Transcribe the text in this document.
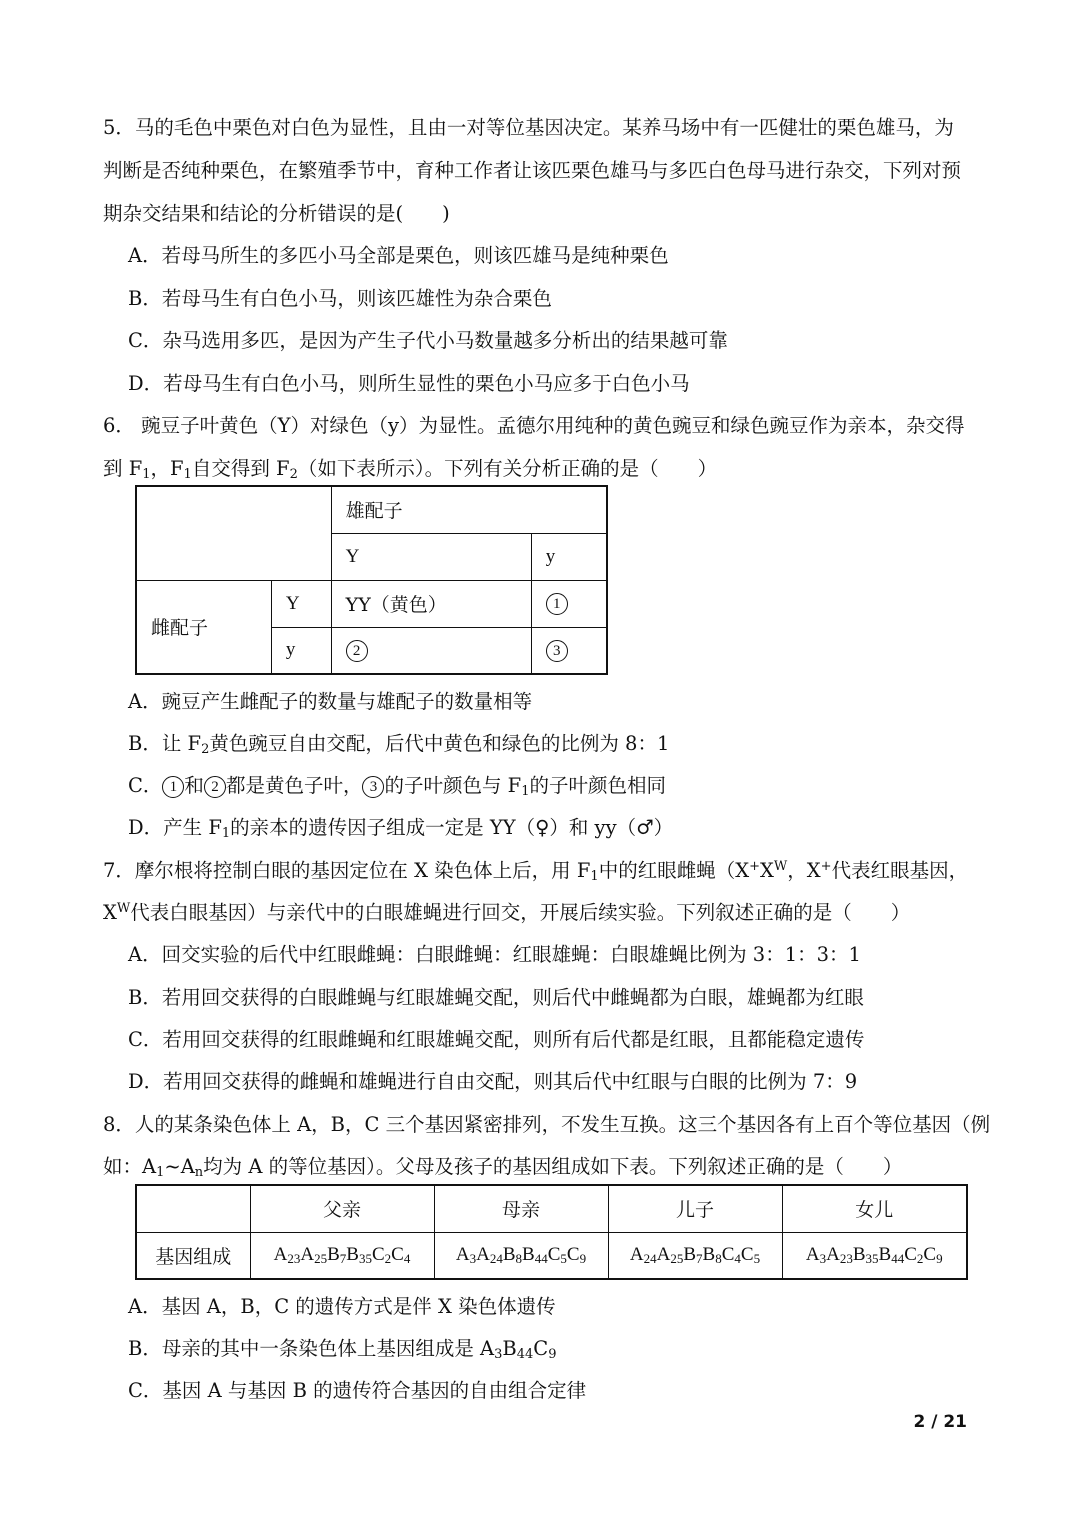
5．马的毛色中栗色对白色为显性，且由一对等位基因决定。某养马场中有一匹健壮的栗色雄马，为
判断是否纯种栗色，在繁殖季节中，育种工作者让该匹栗色雄马与多匹白色母马进行杂交，下列对预
期杂交结果和结论的分析错误的是(　　)
A．若母马所生的多匹小马全部是栗色，则该匹雄马是纯种栗色
B．若母马生有白色小马，则该匹雄性为杂合栗色
C．杂马选用多匹，是因为产生子代小马数量越多分析出的结果越可靠
D．若母马生有白色小马，则所生显性的栗色小马应多于白色小马
6． 豌豆子叶黄色（Y）对绿色（y）为显性。孟德尔用纯种的黄色豌豆和绿色豌豆作为亲本，杂交得
到 $F_1$，$F_1$自交得到 $F_2$（如下表所示）。下列有关分析正确的是（　　）
		雄配子	
		Y	y
雌配子	Y	YY（黄色）	1
	y	2	3
A．豌豆产生雌配子的数量与雄配子的数量相等
B．让 $F_2$黄色豌豆自由交配，后代中黄色和绿色的比例为 8：1
C． 1 和 2 都是黄色子叶， 3 的子叶颜色与 $F_1$的子叶颜色相同
D．产生 $F_1$的亲本的遗传因子组成一定是 YY（♀）和 yy（♂）
7．摩尔根将控制白眼的基因定位在 X 染色体上后，用 $F_1$中的红眼雌蝇（$X^+X^W$，X+代表红眼基因，
$X^W$代表白眼基因）与亲代中的白眼雄蝇进行回交，开展后续实验。下列叙述正确的是（　　）
A．回交实验的后代中红眼雌蝇：白眼雌蝇：红眼雄蝇：白眼雄蝇比例为 3：1：3：1
B．若用回交获得的白眼雌蝇与红眼雄蝇交配，则后代中雌蝇都为白眼，雄蝇都为红眼
C．若用回交获得的红眼雌蝇和红眼雄蝇交配，则所有后代都是红眼，且都能稳定遗传
D．若用回交获得的雌蝇和雄蝇进行自由交配，则其后代中红眼与白眼的比例为 7：9
8．人的某条染色体上 A，B，C 三个基因紧密排列，不发生互换。这三个基因各有上百个等位基因（例
如：$A_1\sim A_n$均为 A 的等位基因）。父母及孩子的基因组成如下表。下列叙述正确的是（　　）
	父亲	母亲	儿子	女儿
基因组成	$A_{23}A_{25}B_7B_{35}C_2C_4$	$A_3A_{24}B_8B_{44}C_5C_9$	$A_{24}A_{25}B_7B_8C_4C_5$	$A_3A_{23}B_{35}B_{44}C_2C_9$
A．基因 A，B，C 的遗传方式是伴 X 染色体遗传
B．母亲的其中一条染色体上基因组成是 $A_3B_{44}C_9$
C．基因 A 与基因 B 的遗传符合基因的自由组合定律
2 / 21
